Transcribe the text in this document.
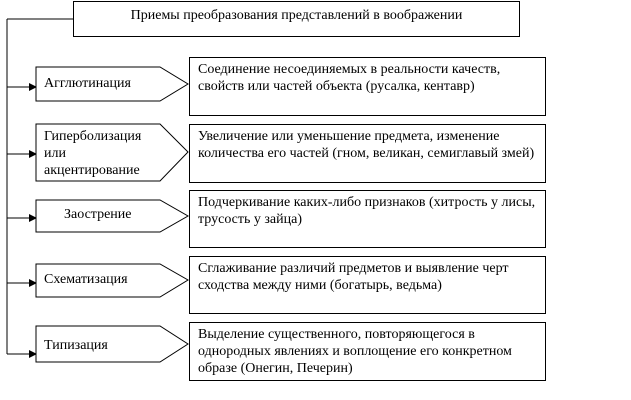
Приемы преобразования представлений в воображении
Агглютинация
Гиперболизация
или
акцентирование
Заострение
Схематизация
Типизация
Соединение несоединяемых в реальности качеств, свойств или частей объекта (русалка, кентавр)
Увеличение или уменьшение предмета, изменение количества его частей (гном, великан, семиглавый змей)
Подчеркивание каких-либо признаков (хитрость у лисы, трусость у зайца)
Сглаживание различий предметов и выявление черт сходства между ними (богатырь, ведьма)
Выделение существенного, повторяющегося в однородных явлениях и воплощение его конкретном образе (Онегин, Печерин)
